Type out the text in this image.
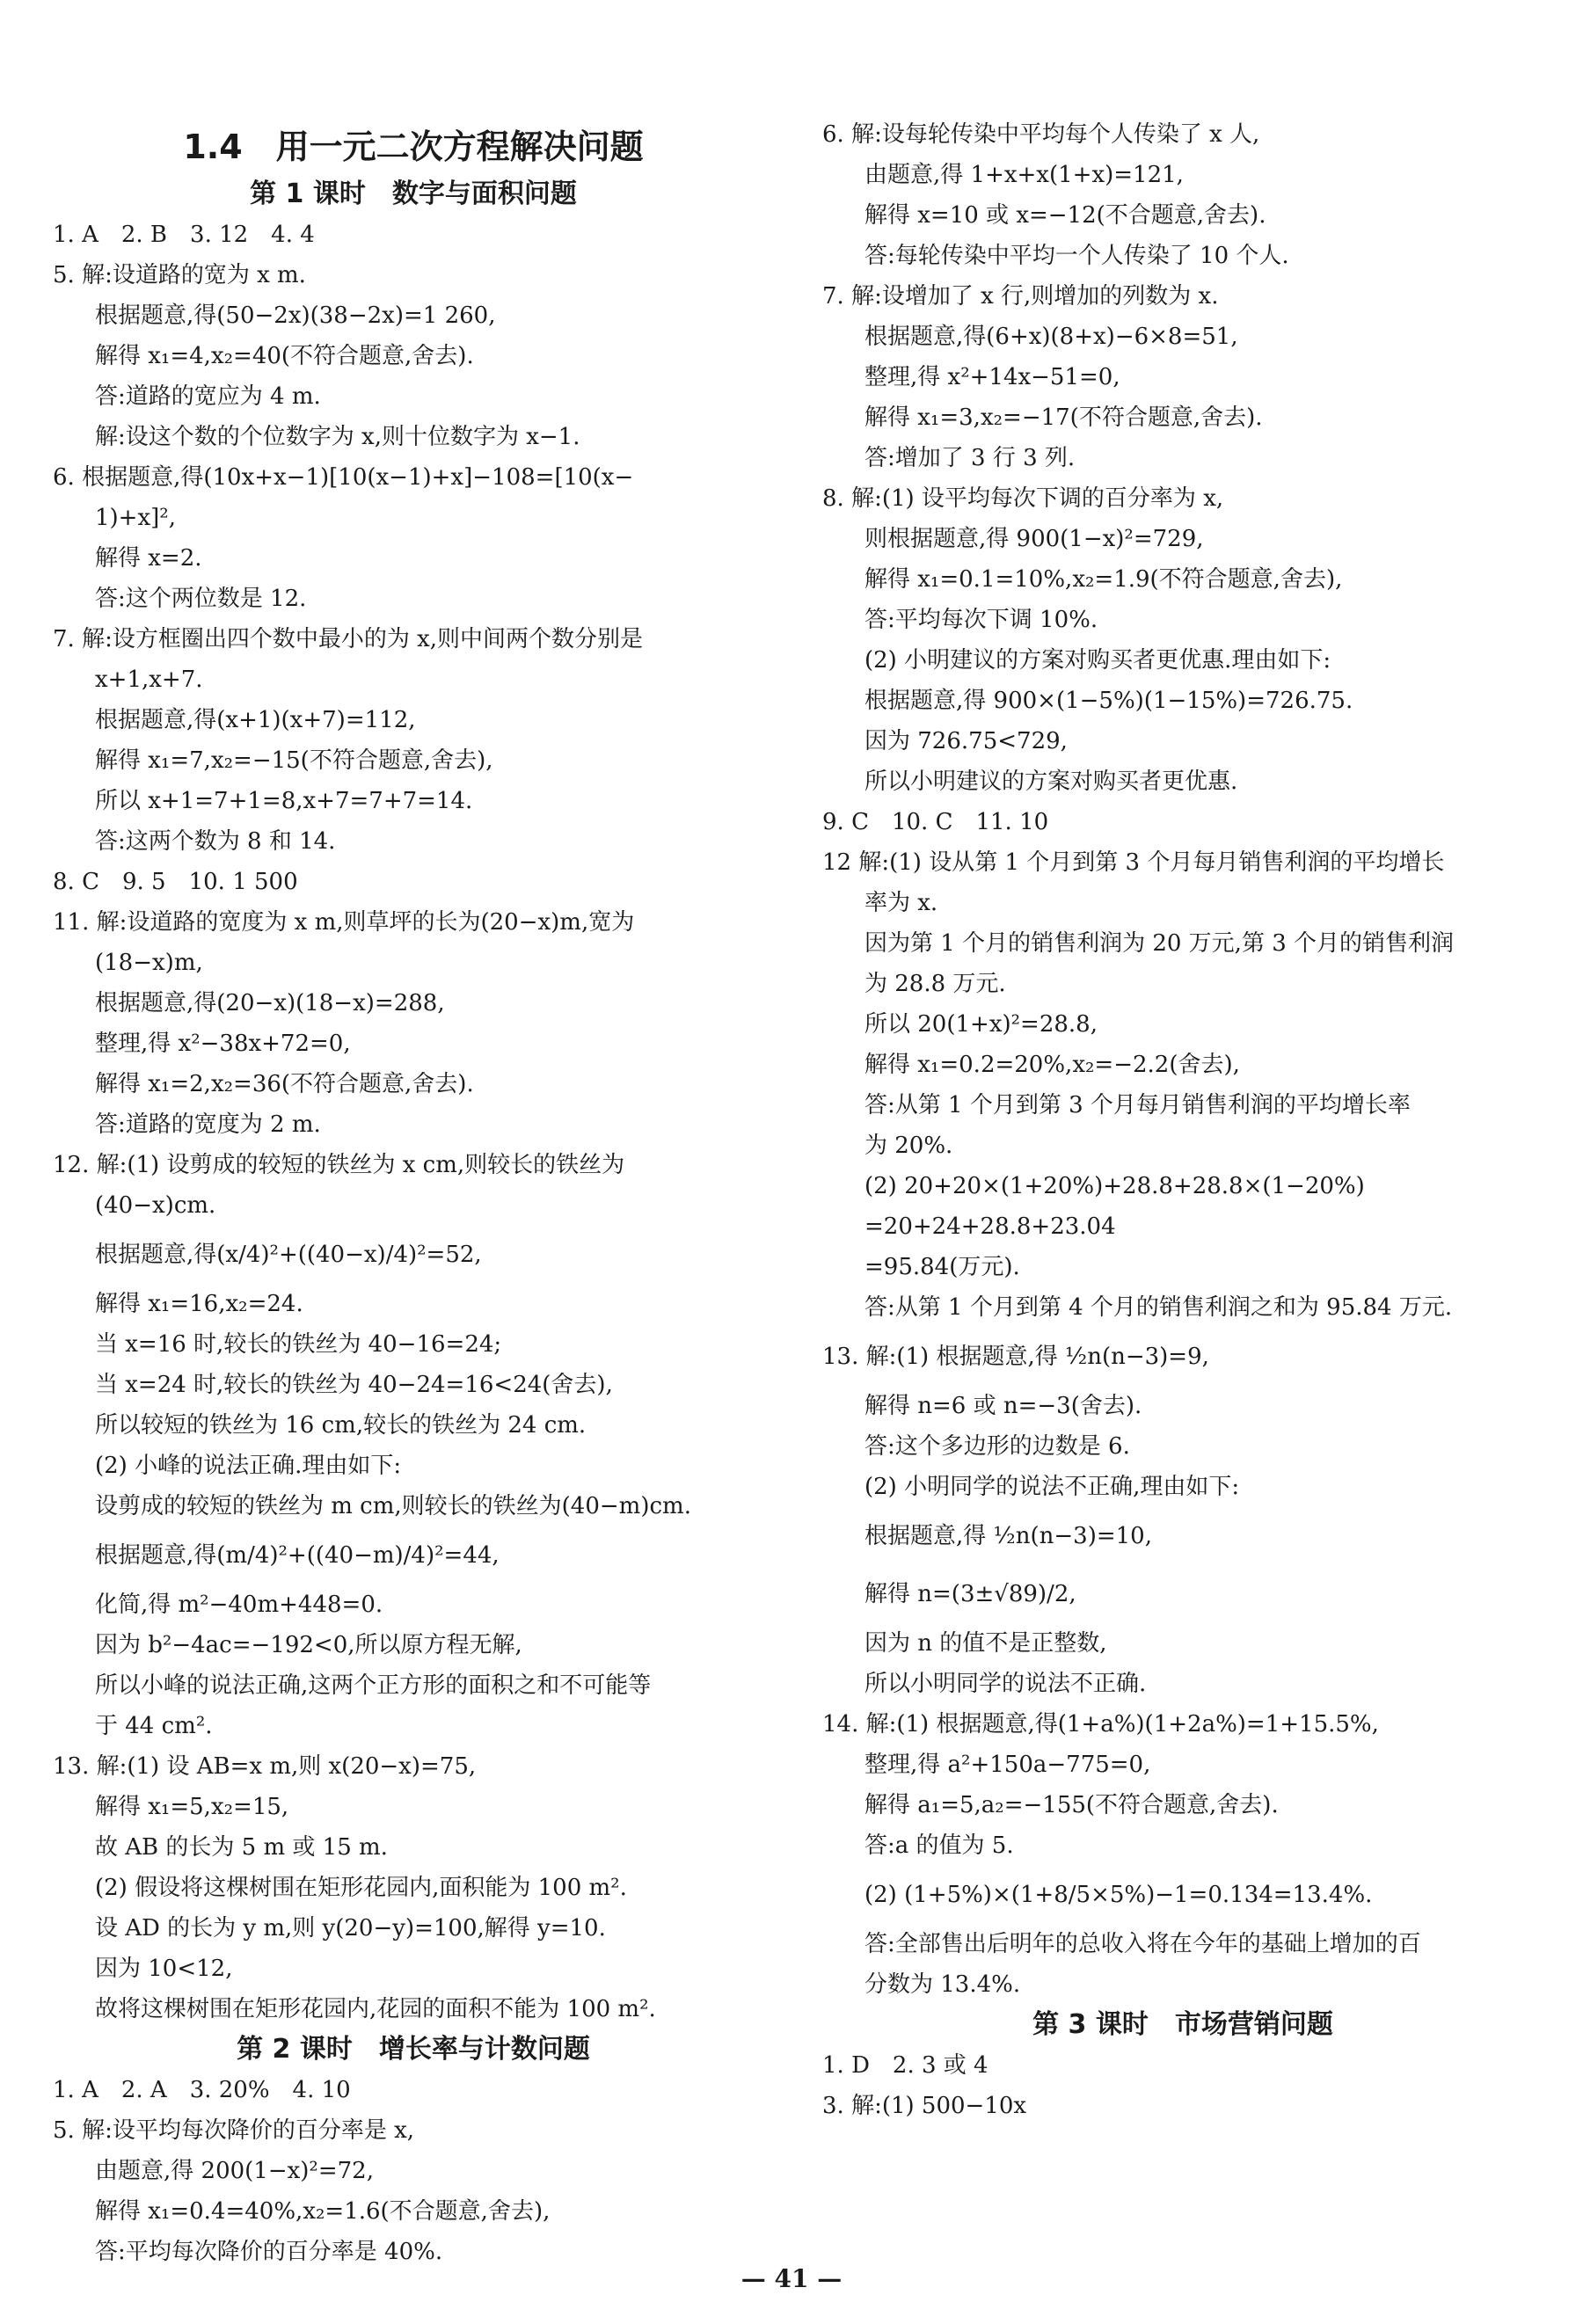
1.4　用一元二次方程解决问题
第 1 课时　数字与面积问题
1. A　2. B　3. 12　4. 4
5. 解:设道路的宽为 x m.
根据题意,得(50−2x)(38−2x)=1 260,
解得 x₁=4,x₂=40(不符合题意,舍去).
答:道路的宽应为 4 m.
解:设这个数的个位数字为 x,则十位数字为 x−1.
6. 根据题意,得(10x+x−1)[10(x−1)+x]−108=[10(x−
1)+x]²,
解得 x=2.
答:这个两位数是 12.
7. 解:设方框圈出四个数中最小的为 x,则中间两个数分别是
x+1,x+7.
根据题意,得(x+1)(x+7)=112,
解得 x₁=7,x₂=−15(不符合题意,舍去),
所以 x+1=7+1=8,x+7=7+7=14.
答:这两个数为 8 和 14.
8. C　9. 5　10. 1 500
11. 解:设道路的宽度为 x m,则草坪的长为(20−x)m,宽为
(18−x)m,
根据题意,得(20−x)(18−x)=288,
整理,得 x²−38x+72=0,
解得 x₁=2,x₂=36(不符合题意,舍去).
答:道路的宽度为 2 m.
12. 解:(1) 设剪成的较短的铁丝为 x cm,则较长的铁丝为
(40−x)cm.
根据题意,得(x/4)²+((40−x)/4)²=52,
解得 x₁=16,x₂=24.
当 x=16 时,较长的铁丝为 40−16=24;
当 x=24 时,较长的铁丝为 40−24=16<24(舍去),
所以较短的铁丝为 16 cm,较长的铁丝为 24 cm.
(2) 小峰的说法正确.理由如下:
设剪成的较短的铁丝为 m cm,则较长的铁丝为(40−m)cm.
根据题意,得(m/4)²+((40−m)/4)²=44,
化简,得 m²−40m+448=0.
因为 b²−4ac=−192<0,所以原方程无解,
所以小峰的说法正确,这两个正方形的面积之和不可能等
于 44 cm².
13. 解:(1) 设 AB=x m,则 x(20−x)=75,
解得 x₁=5,x₂=15,
故 AB 的长为 5 m 或 15 m.
(2) 假设将这棵树围在矩形花园内,面积能为 100 m².
设 AD 的长为 y m,则 y(20−y)=100,解得 y=10.
因为 10<12,
故将这棵树围在矩形花园内,花园的面积不能为 100 m².
第 2 课时　增长率与计数问题
1. A　2. A　3. 20%　4. 10
5. 解:设平均每次降价的百分率是 x,
由题意,得 200(1−x)²=72,
解得 x₁=0.4=40%,x₂=1.6(不合题意,舍去),
答:平均每次降价的百分率是 40%.
6. 解:设每轮传染中平均每个人传染了 x 人,
由题意,得 1+x+x(1+x)=121,
解得 x=10 或 x=−12(不合题意,舍去).
答:每轮传染中平均一个人传染了 10 个人.
7. 解:设增加了 x 行,则增加的列数为 x.
根据题意,得(6+x)(8+x)−6×8=51,
整理,得 x²+14x−51=0,
解得 x₁=3,x₂=−17(不符合题意,舍去).
答:增加了 3 行 3 列.
8. 解:(1) 设平均每次下调的百分率为 x,
则根据题意,得 900(1−x)²=729,
解得 x₁=0.1=10%,x₂=1.9(不符合题意,舍去),
答:平均每次下调 10%.
(2) 小明建议的方案对购买者更优惠.理由如下:
根据题意,得 900×(1−5%)(1−15%)=726.75.
因为 726.75<729,
所以小明建议的方案对购买者更优惠.
9. C　10. C　11. 10
12 解:(1) 设从第 1 个月到第 3 个月每月销售利润的平均增长
率为 x.
因为第 1 个月的销售利润为 20 万元,第 3 个月的销售利润
为 28.8 万元.
所以 20(1+x)²=28.8,
解得 x₁=0.2=20%,x₂=−2.2(舍去),
答:从第 1 个月到第 3 个月每月销售利润的平均增长率
为 20%.
(2) 20+20×(1+20%)+28.8+28.8×(1−20%)
=20+24+28.8+23.04
=95.84(万元).
答:从第 1 个月到第 4 个月的销售利润之和为 95.84 万元.
13. 解:(1) 根据题意,得 ½n(n−3)=9,
解得 n=6 或 n=−3(舍去).
答:这个多边形的边数是 6.
(2) 小明同学的说法不正确,理由如下:
根据题意,得 ½n(n−3)=10,
解得 n=(3±√89)/2,
因为 n 的值不是正整数,
所以小明同学的说法不正确.
14. 解:(1) 根据题意,得(1+a%)(1+2a%)=1+15.5%,
整理,得 a²+150a−775=0,
解得 a₁=5,a₂=−155(不符合题意,舍去).
答:a 的值为 5.
(2) (1+5%)×(1+8/5×5%)−1=0.134=13.4%.
答:全部售出后明年的总收入将在今年的基础上增加的百
分数为 13.4%.
第 3 课时　市场营销问题
1. D　2. 3 或 4
3. 解:(1) 500−10x
— 41 —
